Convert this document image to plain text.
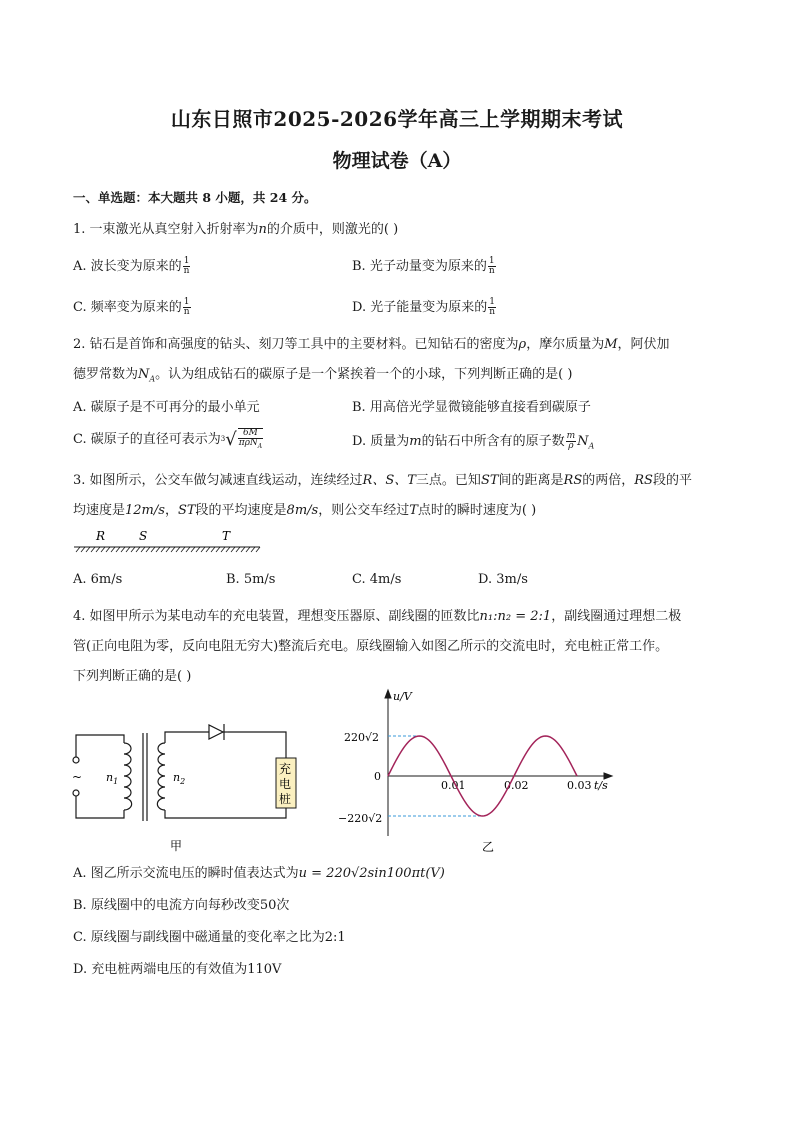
山东日照市2025-2026学年高三上学期期末考试
物理试卷（A）
一、单选题：本大题共 8 小题，共 24 分。
1. 一束激光从真空射入折射率为n的介质中，则激光的( )
A. 波长变为原来的 $\frac{1}{n}$	B. 光子动量变为原来的 $\frac{1}{n}$
C. 频率变为原来的 $\frac{1}{n}$	D. 光子能量变为原来的 $\frac{1}{n}$
2. 钻石是首饰和高强度的钻头、刻刀等工具中的主要材料。已知钻石的密度为ρ，摩尔质量为M，阿伏加
德罗常数为$N_A$。认为组成钻石的碳原子是一个紧挨着一个的小球，下列判断正确的是( )
A. 碳原子是不可再分的最小单元	B. 用高倍光学显微镜能够直接看到碳原子
C. 碳原子的直径可表示为$^3√ \frac{6M}{\pi\rho N_A}$	D. 质量为m的钻石中所含有的原子数 $\frac{m}{\rho} N_A$
3. 如图所示，公交车做匀减速直线运动，连续经过R、S、T三点。已知ST间的距离是RS的两倍，RS段的平
均速度是12m/s，ST段的平均速度是8m/s，则公交车经过T点时的瞬时速度为( )
R	S	T
A. 6m/s	B. 5m/s	C. 4m/s	D. 3m/s
4. 如图甲所示为某电动车的充电装置，理想变压器原、副线圈的匝数比n₁:n₂ = 2:1，副线圈通过理想二极
管(正向电阻为零，反向电阻无穷大)整流后充电。原线圈输入如图乙所示的交流电时，充电桩正常工作。
下列判断正确的是( )
充
电
桩
~ $n_1$	$n_2$
甲
u/V
t/s
220√2
0
−220√2
0.01	0.02	0.03
乙
A. 图乙所示交流电压的瞬时值表达式为u = 220√2sin100πt(V)
B. 原线圈中的电流方向每秒改变50次
C. 原线圈与副线圈中磁通量的变化率之比为2:1
D. 充电桩两端电压的有效值为110V
